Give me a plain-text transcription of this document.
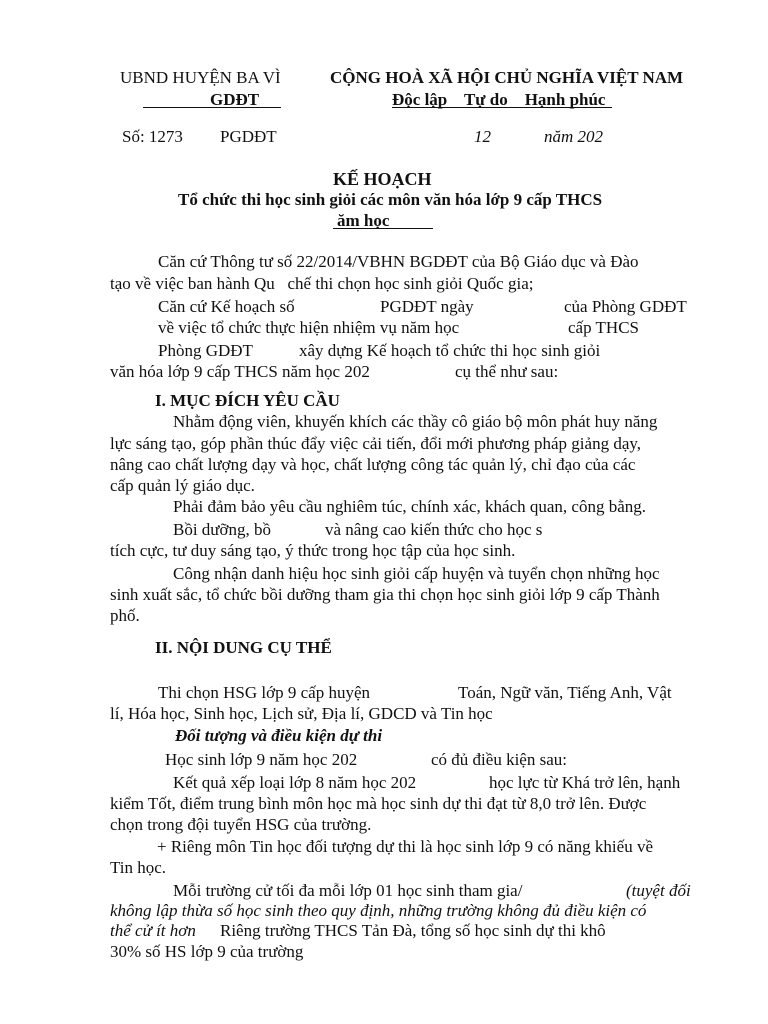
UBND HUYỆN BA VÌ
GDĐT
CỘNG HOÀ XÃ HỘI CHỦ NGHĨA VIỆT NAM
Độc lập    Tự do    Hạnh phúc
Số: 1273 PGDĐT	12	năm 202
KẾ HOẠCH
Tổ chức thi học sinh giỏi các môn văn hóa lớp 9 cấp THCS
ăm học
Căn cứ Thông tư số 22/2014/VBHN BGDĐT của Bộ Giáo dục và Đào
tạo về việc ban hành Qu   chế thi chọn học sinh giỏi Quốc gia;
Căn cứ Kế hoạch số	PGDĐT ngày	của Phòng GDĐT
về việc tổ chức thực hiện nhiệm vụ năm học	cấp THCS
Phòng GDĐT	xây dựng Kế hoạch tổ chức thi học sinh giỏi
văn hóa lớp 9 cấp THCS năm học 202	cụ thể như sau:
I. MỤC ĐÍCH YÊU CẦU
Nhằm động viên, khuyến khích các thầy cô giáo bộ môn phát huy năng
lực sáng tạo, góp phần thúc đẩy việc cải tiến, đổi mới phương pháp giảng dạy,
nâng cao chất lượng dạy và học, chất lượng công tác quản lý, chỉ đạo của các
cấp quản lý giáo dục.
Phải đảm bảo yêu cầu nghiêm túc, chính xác, khách quan, công bằng.
Bồi dưỡng, bồ	và nâng cao kiến thức cho học s
tích cực, tư duy sáng tạo, ý thức trong học tập của học sinh.
Công nhận danh hiệu học sinh giỏi cấp huyện và tuyển chọn những học
sinh xuất sắc, tổ chức bồi dưỡng tham gia thi chọn học sinh giỏi lớp 9 cấp Thành
phố.
II. NỘI DUNG CỤ THỂ
Thi chọn HSG lớp 9 cấp huyện	Toán, Ngữ văn, Tiếng Anh, Vật
lí, Hóa học, Sinh học, Lịch sử, Địa lí, GDCD và Tin học
Đối tượng và điều kiện dự thi
Học sinh lớp 9 năm học 202	có đủ điều kiện sau:
Kết quả xếp loại lớp 8 năm học 202	học lực từ Khá trở lên, hạnh
kiểm Tốt, điểm trung bình môn học mà học sinh dự thi đạt từ 8,0 trở lên. Được
chọn trong đội tuyển HSG của trường.
+ Riêng môn Tin học đối tượng dự thi là học sinh lớp 9 có năng khiếu về
Tin học.
Mỗi trường cử tối đa mỗi lớp 01 học sinh tham gia/	(tuyệt đối
không lập thừa số học sinh theo quy định, những trường không đủ điều kiện có
thể cử ít hơn Riêng trường THCS Tản Đà, tổng số học sinh dự thi khô
30% số HS lớp 9 của trường
